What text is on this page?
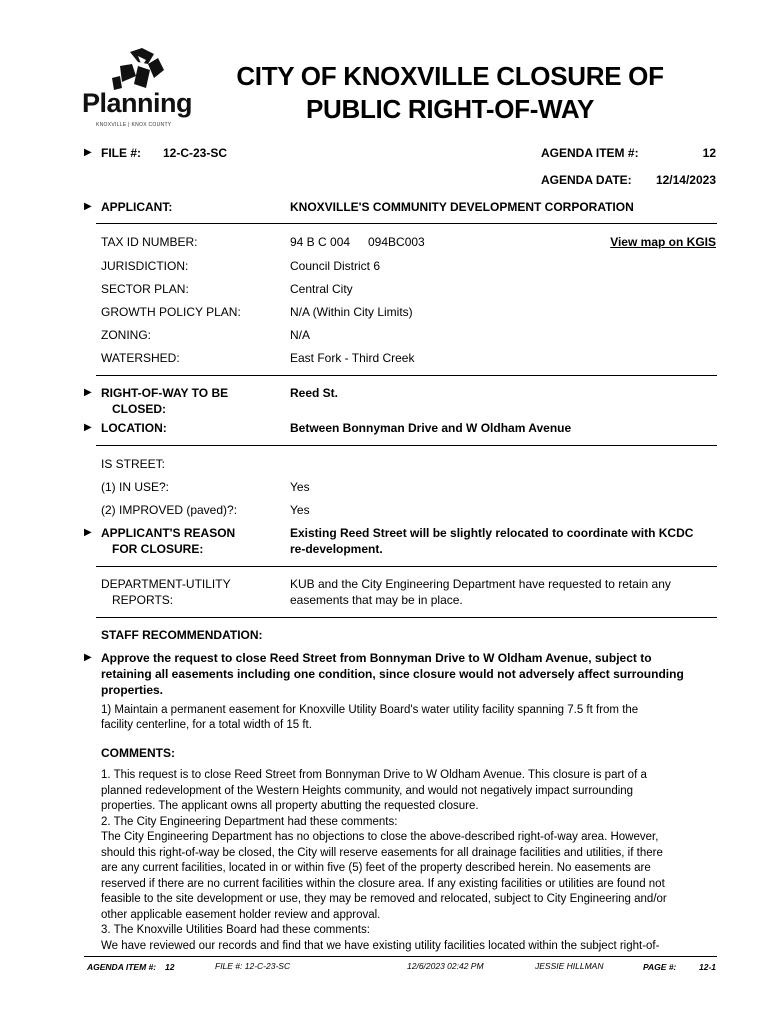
Planning
KNOXVILLE | KNOX COUNTY
CITY OF KNOXVILLE CLOSURE OF
PUBLIC RIGHT-OF-WAY
▶ FILE #: 12-C-23-SC	AGENDA ITEM #:	12
AGENDA DATE:	12/14/2023
▶ APPLICANT:	KNOXVILLE'S COMMUNITY DEVELOPMENT CORPORATION
TAX ID NUMBER:	94 B C 004 094BC003	View map on KGIS
JURISDICTION:	Council District 6
SECTOR PLAN:	Central City
GROWTH POLICY PLAN:	N/A (Within City Limits)
ZONING:	N/A
WATERSHED:	East Fork - Third Creek
▶ RIGHT-OF-WAY TO BE
CLOSED:
Reed St.
▶ LOCATION:	Between Bonnyman Drive and W Oldham Avenue
IS STREET:
(1) IN USE?:	Yes
(2) IMPROVED (paved)?:	Yes
▶ APPLICANT'S REASON
FOR CLOSURE:
Existing Reed Street will be slightly relocated to coordinate with KCDC
re-development.
DEPARTMENT-UTILITY
REPORTS:
KUB and the City Engineering Department have requested to retain any
easements that may be in place.
STAFF RECOMMENDATION:
▶ Approve the request to close Reed Street from Bonnyman Drive to W Oldham Avenue, subject to
retaining all easements including one condition, since closure would not adversely affect surrounding
properties.
1) Maintain a permanent easement for Knoxville Utility Board's water utility facility spanning 7.5 ft from the
facility centerline, for a total width of 15 ft.
COMMENTS:
1. This request is to close Reed Street from Bonnyman Drive to W Oldham Avenue. This closure is part of a
planned redevelopment of the Western Heights community, and would not negatively impact surrounding
properties. The applicant owns all property abutting the requested closure.
2. The City Engineering Department had these comments:
The City Engineering Department has no objections to close the above-described right-of-way area. However,
should this right-of-way be closed, the City will reserve easements for all drainage facilities and utilities, if there
are any current facilities, located in or within five (5) feet of the property described herein. No easements are
reserved if there are no current facilities within the closure area. If any existing facilities or utilities are found not
feasible to the site development or use, they may be removed and relocated, subject to City Engineering and/or
other applicable easement holder review and approval.
3. The Knoxville Utilities Board had these comments:
We have reviewed our records and find that we have existing utility facilities located within the subject right-of-
AGENDA ITEM #: 12	FILE #: 12-C-23-SC	12/6/2023 02:42 PM	JESSIE HILLMAN	PAGE #:	12-1
